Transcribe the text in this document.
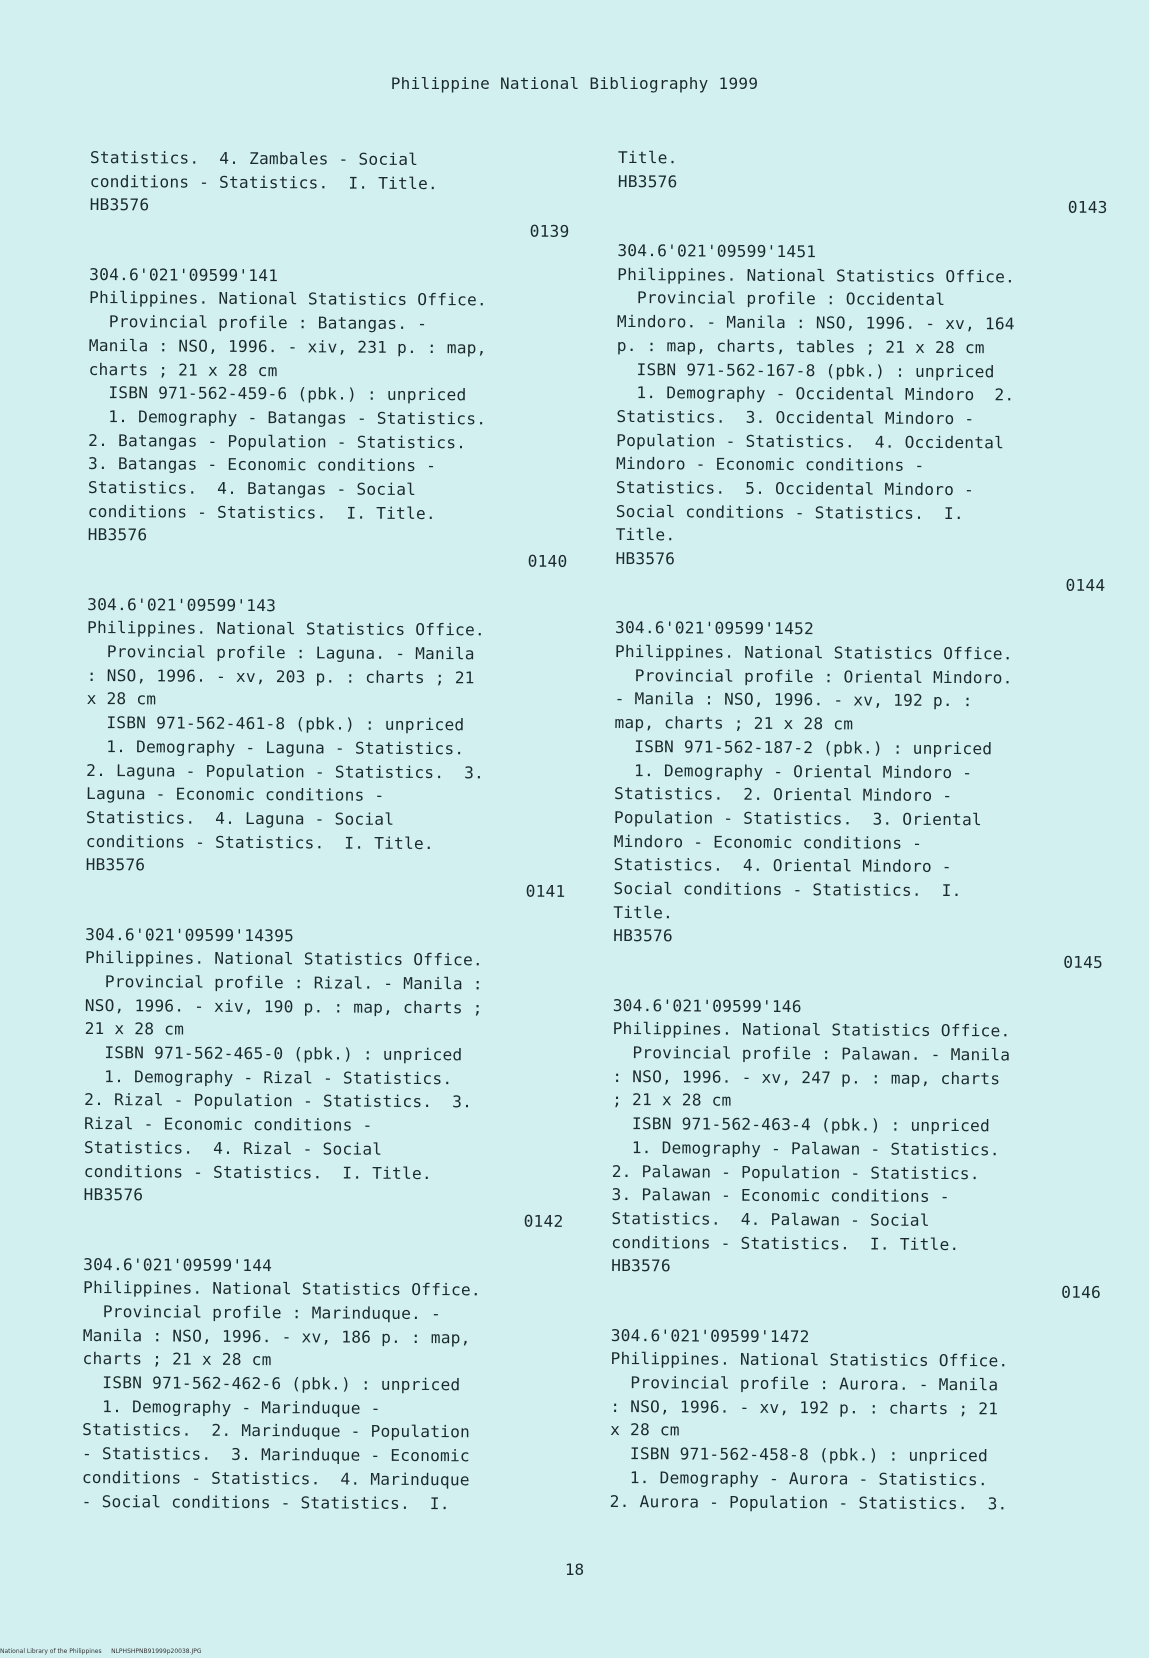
Philippine National Bibliography 1999
Statistics.  4. Zambales - Social
conditions - Statistics.  I. Title.
HB3576
0139
304.6'021'09599'141
Philippines. National Statistics Office.
Provincial profile : Batangas. -
Manila : NSO, 1996. - xiv, 231 p. : map,
charts ; 21 x 28 cm
ISBN 971-562-459-6 (pbk.) : unpriced
1. Demography - Batangas - Statistics.
2. Batangas - Population - Statistics.
3. Batangas - Economic conditions -
Statistics.  4. Batangas - Social
conditions - Statistics.  I. Title.
HB3576
0140
304.6'021'09599'143
Philippines. National Statistics Office.
Provincial profile : Laguna. - Manila
: NSO, 1996. - xv, 203 p. : charts ; 21
x 28 cm
ISBN 971-562-461-8 (pbk.) : unpriced
1. Demography - Laguna - Statistics.
2. Laguna - Population - Statistics.  3.
Laguna - Economic conditions -
Statistics.  4. Laguna - Social
conditions - Statistics.  I. Title.
HB3576
0141
304.6'021'09599'14395
Philippines. National Statistics Office.
Provincial profile : Rizal. - Manila :
NSO, 1996. - xiv, 190 p. : map, charts ;
21 x 28 cm
ISBN 971-562-465-0 (pbk.) : unpriced
1. Demography - Rizal - Statistics.
2. Rizal - Population - Statistics.  3.
Rizal - Economic conditions -
Statistics.  4. Rizal - Social
conditions - Statistics.  I. Title.
HB3576
0142
304.6'021'09599'144
Philippines. National Statistics Office.
Provincial profile : Marinduque. -
Manila : NSO, 1996. - xv, 186 p. : map,
charts ; 21 x 28 cm
ISBN 971-562-462-6 (pbk.) : unpriced
1. Demography - Marinduque -
Statistics.  2. Marinduque - Population
- Statistics.  3. Marinduque - Economic
conditions - Statistics.  4. Marinduque
- Social conditions - Statistics.  I.
Title.
HB3576
0143
304.6'021'09599'1451
Philippines. National Statistics Office.
Provincial profile : Occidental
Mindoro. - Manila : NSO, 1996. - xv, 164
p. : map, charts, tables ; 21 x 28 cm
ISBN 971-562-167-8 (pbk.) : unpriced
1. Demography - Occidental Mindoro  2.
Statistics.  3. Occidental Mindoro -
Population - Statistics.  4. Occidental
Mindoro - Economic conditions -
Statistics.  5. Occidental Mindoro -
Social conditions - Statistics.  I.
Title.
HB3576
0144
304.6'021'09599'1452
Philippines. National Statistics Office.
Provincial profile : Oriental Mindoro.
- Manila : NSO, 1996. - xv, 192 p. :
map, charts ; 21 x 28 cm
ISBN 971-562-187-2 (pbk.) : unpriced
1. Demography - Oriental Mindoro -
Statistics.  2. Oriental Mindoro -
Population - Statistics.  3. Oriental
Mindoro - Economic conditions -
Statistics.  4. Oriental Mindoro -
Social conditions - Statistics.  I.
Title.
HB3576
0145
304.6'021'09599'146
Philippines. National Statistics Office.
Provincial profile : Palawan. - Manila
: NSO, 1996. - xv, 247 p. : map, charts
; 21 x 28 cm
ISBN 971-562-463-4 (pbk.) : unpriced
1. Demography - Palawan - Statistics.
2. Palawan - Population - Statistics.
3. Palawan - Economic conditions -
Statistics.  4. Palawan - Social
conditions - Statistics.  I. Title.
HB3576
0146
304.6'021'09599'1472
Philippines. National Statistics Office.
Provincial profile : Aurora. - Manila
: NSO, 1996. - xv, 192 p. : charts ; 21
x 28 cm
ISBN 971-562-458-8 (pbk.) : unpriced
1. Demography - Aurora - Statistics.
2. Aurora - Population - Statistics.  3.
18
National Library of the Philippines     NLPHSHPNB91999p20038.JPG
